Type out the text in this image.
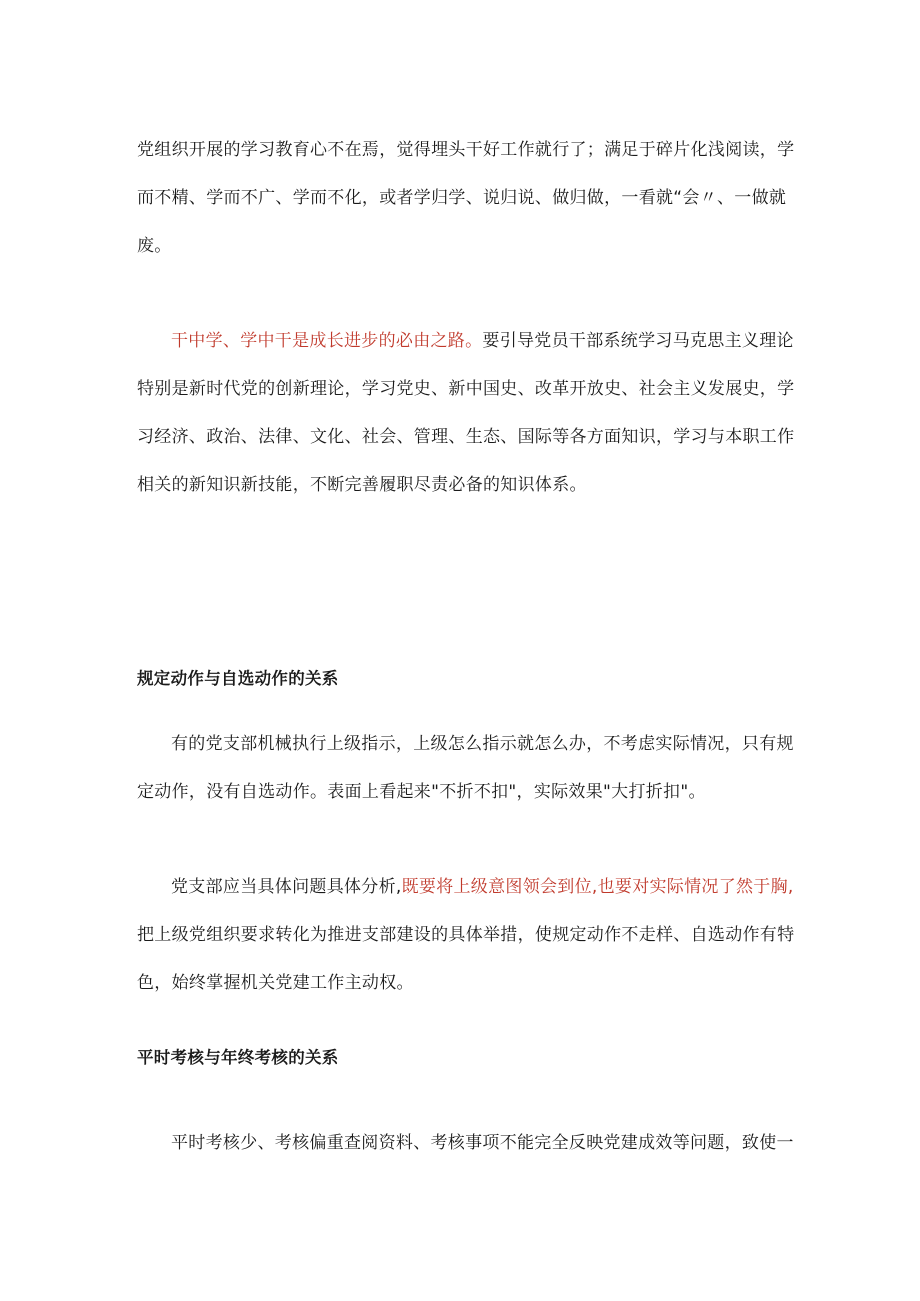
党组织开展的学习教育心不在焉，觉得埋头干好工作就行了；满足于碎片化浅阅读，学
而不精、学而不广、学而不化，或者学归学、说归说、做归做，一看就“会〃、一做就
废。
干中学、学中干是成长进步的必由之路。要引导党员干部系统学习马克思主义理论
特别是新时代党的创新理论，学习党史、新中国史、改革开放史、社会主义发展史，学
习经济、政治、法律、文化、社会、管理、生态、国际等各方面知识，学习与本职工作
相关的新知识新技能，不断完善履职尽责必备的知识体系。
规定动作与自选动作的关系
有的党支部机械执行上级指示，上级怎么指示就怎么办，不考虑实际情况，只有规
定动作，没有自选动作。表面上看起来"不折不扣"，实际效果"大打折扣"。
党支部应当具体问题具体分析,既要将上级意图领会到位,也要对实际情况了然于胸,
把上级党组织要求转化为推进支部建设的具体举措，使规定动作不走样、自选动作有特
色，始终掌握机关党建工作主动权。
平时考核与年终考核的关系
平时考核少、考核偏重查阅资料、考核事项不能完全反映党建成效等问题，致使一
